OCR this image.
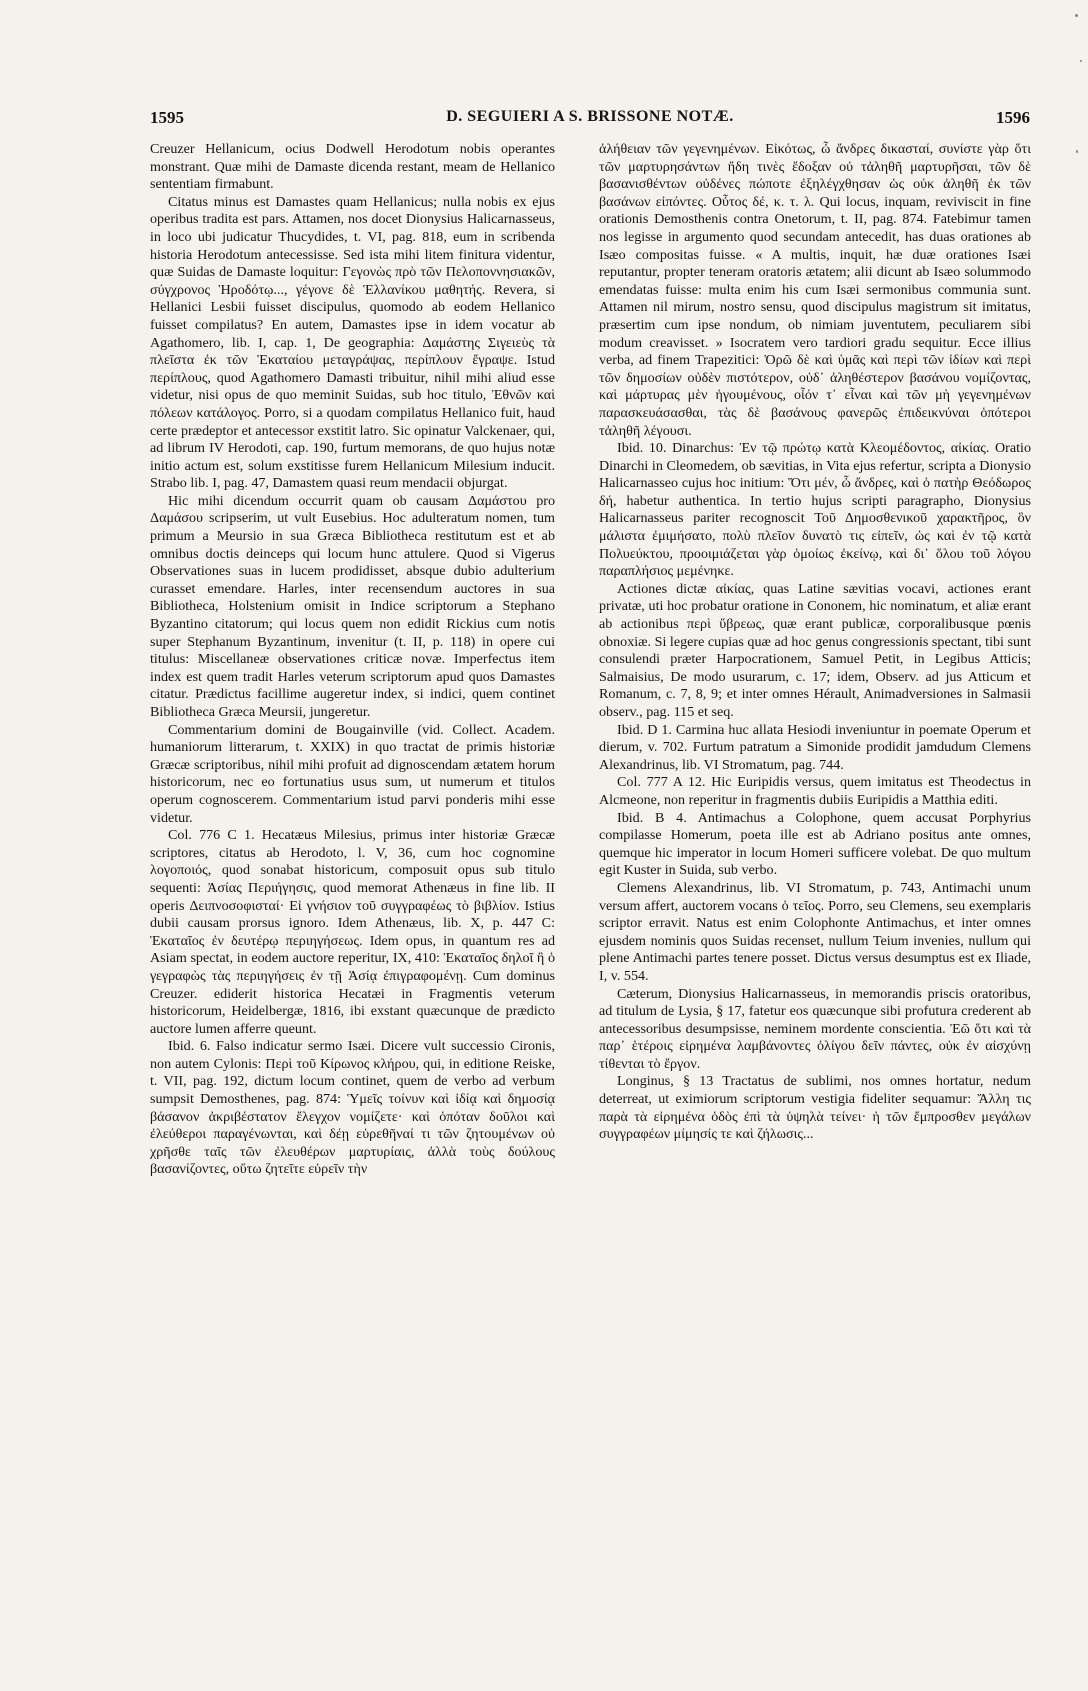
1595	D. SEGUIERI A S. BRISSONE NOTÆ.	1596

Creuzer Hellanicum, ocius Dodwell Herodotum nobis operantes monstrant. Quæ mihi de Damaste dicenda restant, meam de Hellanico sententiam firmabunt.

Citatus minus est Damastes quam Hellanicus; nulla nobis ex ejus operibus tradita est pars. Attamen, nos docet Dionysius Halicarnasseus, in loco ubi judicatur Thucydides, t. VI, pag. 818, eum in scribenda historia Herodotum antecessisse. Sed ista mihi litem finitura videntur, quæ Suidas de Damaste loquitur: Γεγονὼς πρὸ τῶν Πελοποννησιακῶν, σύγχρονος Ἡροδότῳ..., γέγονε δὲ Ἑλλανίκου μαθητής. Revera, si Hellanici Lesbii fuisset discipulus, quomodo ab eodem Hellanico fuisset compilatus? En autem, Damastes ipse in idem vocatur ab Agathomero, lib. I, cap. 1, De geographia: Δαμάστης Σιγειεὺς τὰ πλεῖστα ἐκ τῶν Ἑκαταίου μεταγράψας, περίπλουν ἔγραψε. Istud περίπλους, quod Agathomero Damasti tribuitur, nihil mihi aliud esse videtur, nisi opus de quo meminit Suidas, sub hoc titulo, Ἐθνῶν καὶ πόλεων κατάλογος. Porro, si a quodam compilatus Hellanico fuit, haud certe prædeptor et antecessor exstitit latro. Sic opinatur Valckenaer, qui, ad librum IV Herodoti, cap. 190, furtum memorans, de quo hujus notæ initio actum est, solum exstitisse furem Hellanicum Milesium inducit. Strabo lib. I, pag. 47, Damastem quasi reum mendacii objurgat.

Hic mihi dicendum occurrit quam ob causam Δαμάστου pro Δαμάσου scripserim, ut vult Eusebius. Hoc adulteratum nomen, tum primum a Meursio in sua Græca Bibliotheca restitutum est et ab omnibus doctis deinceps qui locum hunc attulere. Quod si Vigerus Observationes suas in lucem prodidisset, absque dubio adulterium curasset emendare. Harles, inter recensendum auctores in sua Bibliotheca, Holstenium omisit in Indice scriptorum a Stephano Byzantino citatorum; qui locus quem non edidit Rickius cum notis super Stephanum Byzantinum, invenitur (t. II, p. 118) in opere cui titulus: Miscellaneæ observationes criticæ novæ. Imperfectus item index est quem tradit Harles veterum scriptorum apud quos Damastes citatur. Prædictus facillime augeretur index, si indici, quem continet Bibliotheca Græca Meursii, jungeretur.

Commentarium domini de Bougainville (vid. Collect. Academ. humaniorum litterarum, t. XXIX) in quo tractat de primis historiæ Græcæ scriptoribus, nihil mihi profuit ad dignoscendam ætatem horum historicorum, nec eo fortunatius usus sum, ut numerum et titulos operum cognoscerem. Commentarium istud parvi ponderis mihi esse videtur.

Col. 776 C 1. Hecatæus Milesius, primus inter historiæ Græcæ scriptores, citatus ab Herodoto, l. V, 36, cum hoc cognomine λογοποιός, quod sonabat historicum, composuit opus sub titulo sequenti: Ἀσίας Περιήγησις, quod memorat Athenæus in fine lib. II operis Δειπνοσοφισταί· Εἰ γνήσιον τοῦ συγγραφέως τὸ βιβλίον. Istius dubii causam prorsus ignoro. Idem Athenæus, lib. X, p. 447 C: Ἑκαταῖος ἐν δευτέρῳ περιηγήσεως. Idem opus, in quantum res ad Asiam spectat, in eodem auctore reperitur, IX, 410: Ἑκαταῖος δηλοῖ ἢ ὁ γεγραφὼς τὰς περιηγήσεις ἐν τῇ Ἀσίᾳ ἐπιγραφομένῃ. Cum dominus Creuzer. ediderit historica Hecatæi in Fragmentis veterum historicorum, Heidelbergæ, 1816, ibi exstant quæcunque de prædicto auctore lumen afferre queunt.

Ibid. 6. Falso indicatur sermo Isæi. Dicere vult successio Cironis, non autem Cylonis: Περὶ τοῦ Κίρωνος κλήρου, qui, in editione Reiske, t. VII, pag. 192, dictum locum continet, quem de verbo ad verbum sumpsit Demosthenes, pag. 874: Ὑμεῖς τοίνυν καὶ ἰδίᾳ καὶ δημοσίᾳ βάσανον ἀκριβέστατον ἔλεγχον νομίζετε· καὶ ὁπόταν δοῦλοι καὶ ἐλεύθεροι παραγένωνται, καὶ δέῃ εὑρεθῆναί τι τῶν ζητουμένων οὐ χρῆσθε ταῖς τῶν ἐλευθέρων μαρτυρίαις, ἀλλὰ τοὺς δούλους βασανίζοντες, οὕτω ζητεῖτε εὑρεῖν τὴν

ἀλήθειαν τῶν γεγενημένων. Εἰκότως, ὦ ἄνδρες δικασταί, συνίστε γὰρ ὅτι τῶν μαρτυρησάντων ἤδη τινὲς ἔδοξαν οὐ τἀληθῆ μαρτυρῆσαι, τῶν δὲ βασανισθέντων οὐδένες πώποτε ἐξηλέγχθησαν ὡς οὐκ ἀληθῆ ἐκ τῶν βασάνων εἰπόντες. Οὗτος δέ, κ. τ. λ. Qui locus, inquam, reviviscit in fine orationis Demosthenis contra Onetorum, t. II, pag. 874. Fatebimur tamen nos legisse in argumento quod secundam antecedit, has duas orationes ab Isæo compositas fuisse. « A multis, inquit, hæ duæ orationes Isæi reputantur, propter teneram oratoris ætatem; alii dicunt ab Isæo solummodo emendatas fuisse: multa enim his cum Isæi sermonibus communia sunt. Attamen nil mirum, nostro sensu, quod discipulus magistrum sit imitatus, præsertim cum ipse nondum, ob nimiam juventutem, peculiarem sibi modum creavisset. » Isocratem vero tardiori gradu sequitur. Ecce illius verba, ad finem Trapezitici: Ὁρῶ δὲ καὶ ὑμᾶς καὶ περὶ τῶν ἰδίων καὶ περὶ τῶν δημοσίων οὐδὲν πιστότερον, οὐδ᾽ ἀληθέστερον βασάνου νομίζοντας, καὶ μάρτυρας μὲν ἡγουμένους, οἷόν τ᾽ εἶναι καὶ τῶν μὴ γεγενημένων παρασκευάσασθαι, τὰς δὲ βασάνους φανερῶς ἐπιδεικνύναι ὁπότεροι τἀληθῆ λέγουσι.

Ibid. 10. Dinarchus: Ἐν τῷ πρώτῳ κατὰ Κλεομέδοντος, αἰκίας. Oratio Dinarchi in Cleomedem, ob sævitias, in Vita ejus refertur, scripta a Dionysio Halicarnasseo cujus hoc initium: Ὅτι μέν, ὦ ἄνδρες, καὶ ὁ πατὴρ Θεόδωρος δή, habetur authentica. In tertio hujus scripti paragrapho, Dionysius Halicarnasseus pariter recognoscit Τοῦ Δημοσθενικοῦ χαρακτῆρος, ὃν μάλιστα ἐμιμήσατο, πολὺ πλεῖον δυνατὸ τις εἰπεῖν, ὡς καὶ ἐν τῷ κατὰ Πολυεύκτου, προοιμιάζεται γὰρ ὁμοίως ἐκείνῳ, καὶ δι᾽ ὅλου τοῦ λόγου παραπλήσιος μεμένηκε.

Actiones dictæ αἰκίας, quas Latine sævitias vocavi, actiones erant privatæ, uti hoc probatur oratione in Cononem, hic nominatum, et aliæ erant ab actionibus περὶ ὕβρεως, quæ erant publicæ, corporalibusque pœnis obnoxiæ. Si legere cupias quæ ad hoc genus congressionis spectant, tibi sunt consulendi præter Harpocrationem, Samuel Petit, in Legibus Atticis; Salmaisius, De modo usurarum, c. 17; idem, Observ. ad jus Atticum et Romanum, c. 7, 8, 9; et inter omnes Hérault, Animadversiones in Salmasii observ., pag. 115 et seq.

Ibid. D 1. Carmina huc allata Hesiodi inveniuntur in poemate Operum et dierum, v. 702. Furtum patratum a Simonide prodidit jamdudum Clemens Alexandrinus, lib. VI Stromatum, pag. 744.

Col. 777 A 12. Hic Euripidis versus, quem imitatus est Theodectus in Alcmeone, non reperitur in fragmentis dubiis Euripidis a Matthia editi.

Ibid. B 4. Antimachus a Colophone, quem accusat Porphyrius compilasse Homerum, poeta ille est ab Adriano positus ante omnes, quemque hic imperator in locum Homeri sufficere volebat. De quo multum egit Kuster in Suida, sub verbo.

Clemens Alexandrinus, lib. VI Stromatum, p. 743, Antimachi unum versum affert, auctorem vocans ὁ τεῖος. Porro, seu Clemens, seu exemplaris scriptor erravit. Natus est enim Colophonte Antimachus, et inter omnes ejusdem nominis quos Suidas recenset, nullum Teium invenies, nullum qui plene Antimachi partes tenere posset. Dictus versus desumptus est ex Iliade, I, v. 554.

Cæterum, Dionysius Halicarnasseus, in memorandis priscis oratoribus, ad titulum de Lysia, § 17, fatetur eos quæcunque sibi profutura crederent ab antecessoribus desumpsisse, neminem mordente conscientia. Ἐῶ ὅτι καὶ τὰ παρ᾽ ἑτέροις εἰρημένα λαμβάνοντες ὀλίγου δεῖν πάντες, οὐκ ἐν αἰσχύνῃ τίθενται τὸ ἔργον.

Longinus, § 13 Tractatus de sublimi, nos omnes hortatur, nedum deterreat, ut eximiorum scriptorum vestigia fideliter sequamur: Ἄλλη τις παρὰ τὰ εἰρημένα ὁδὸς ἐπὶ τὰ ὑψηλὰ τείνει· ἡ τῶν ἔμπροσθεν μεγάλων συγγραφέων μίμησίς τε καὶ ζήλωσις...
